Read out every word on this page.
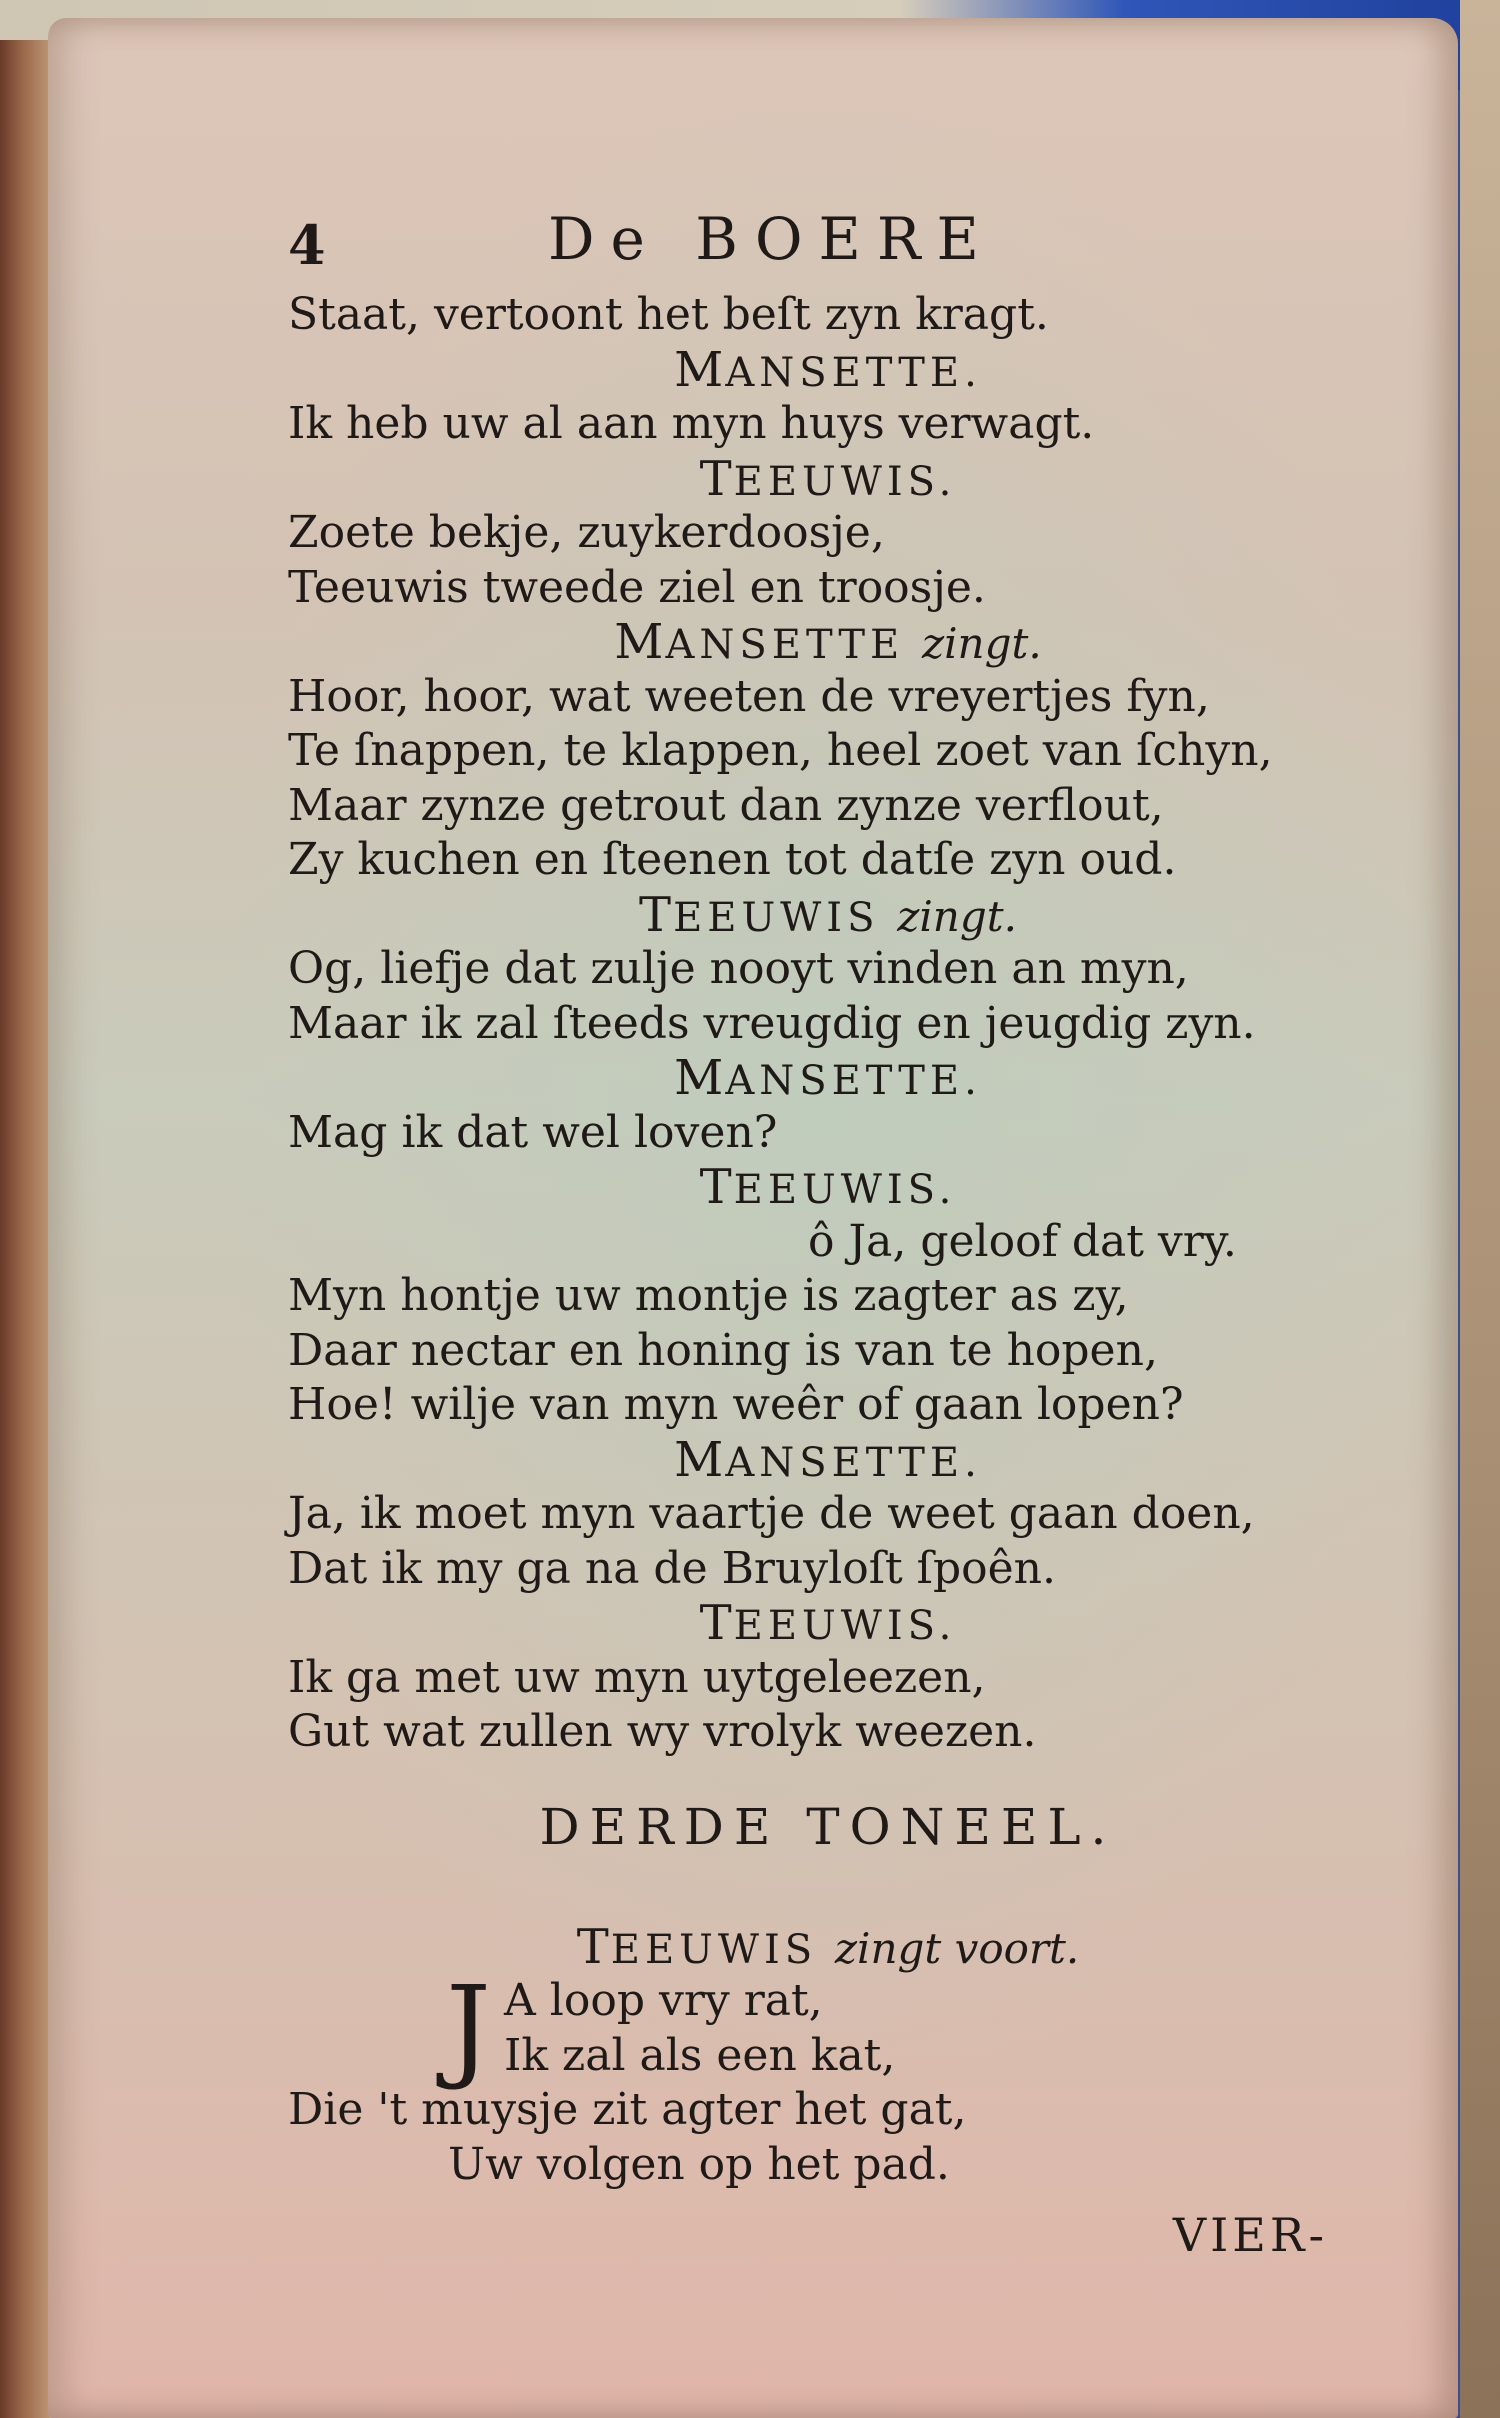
4	De BOERE
Staat, vertoont het beſt zyn kragt.
MANSETTE.
Ik heb uw al aan myn huys verwagt.
TEEUWIS.
Zoete bekje, zuykerdoosje,
Teeuwis tweede ziel en troosje.
MANSETTE zingt.
Hoor, hoor, wat weeten de vreyertjes fyn,
Te ſnappen, te klappen, heel zoet van ſchyn,
Maar zynze getrout dan zynze verflout,
Zy kuchen en ſteenen tot datſe zyn oud.
TEEUWIS zingt.
Og, liefje dat zulje nooyt vinden an myn,
Maar ik zal ſteeds vreugdig en jeugdig zyn.
MANSETTE.
Mag ik dat wel loven?
TEEUWIS.
ô Ja, geloof dat vry.
Myn hontje uw montje is zagter as zy,
Daar nectar en honing is van te hopen,
Hoe! wilje van myn weêr of gaan lopen?
MANSETTE.
Ja, ik moet myn vaartje de weet gaan doen,
Dat ik my ga na de Bruyloſt ſpoên.
TEEUWIS.
Ik ga met uw myn uytgeleezen,
Gut wat zullen wy vrolyk weezen.
DERDE TONEEL.
TEEUWIS zingt voort.
J A loop vry rat,
Ik zal als een kat,
Die 't muysje zit agter het gat,
Uw volgen op het pad.
VIER-
